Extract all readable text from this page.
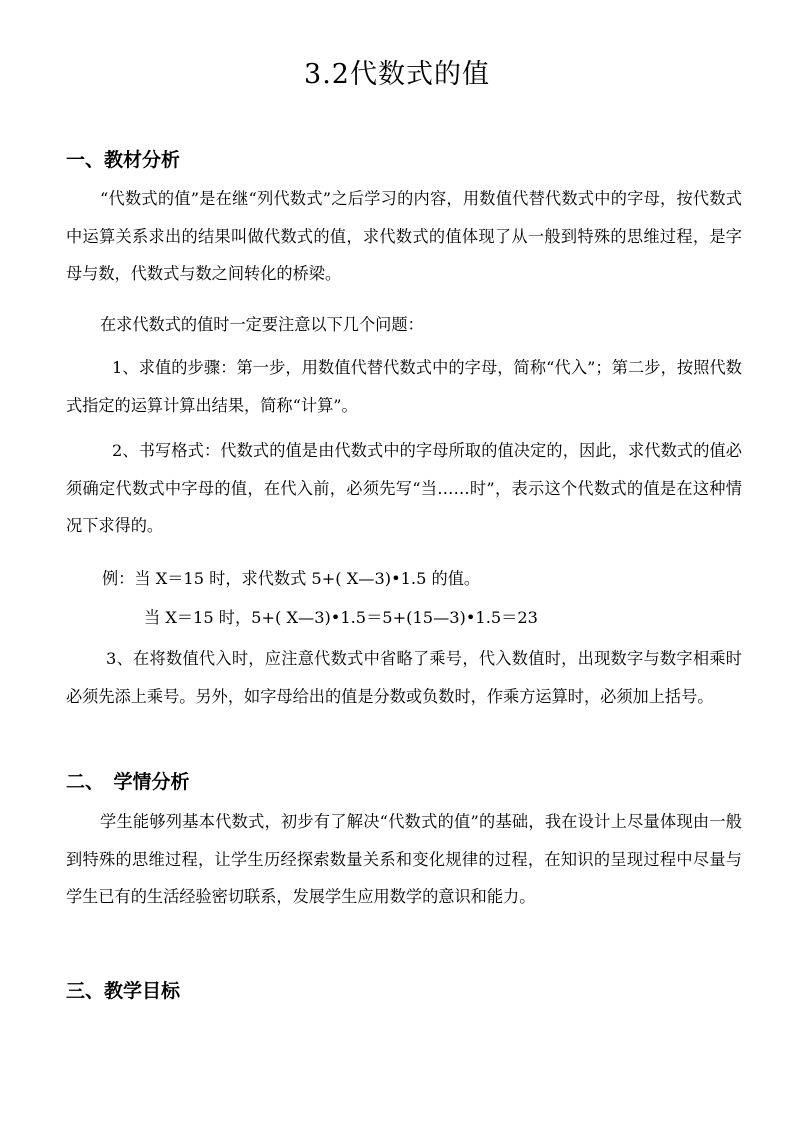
3.2代数式的值
一、教材分析
“代数式的值”是在继“列代数式”之后学习的内容，用数值代替代数式中的字母，按代数式中运算关系求出的结果叫做代数式的值，求代数式的值体现了从一般到特殊的思维过程，是字母与数，代数式与数之间转化的桥梁。
在求代数式的值时一定要注意以下几个问题：
1、求值的步骤：第一步，用数值代替代数式中的字母，简称“代入”；第二步，按照代数式指定的运算计算出结果，简称“计算”。
2、书写格式：代数式的值是由代数式中的字母所取的值决定的，因此，求代数式的值必须确定代数式中字母的值，在代入前，必须先写“当……时”，表示这个代数式的值是在这种情况下求得的。
例：当 X＝15 时，求代数式 5+( X—3)•1.5 的值。
当 X＝15 时，5+( X—3)•1.5＝5+(15—3)•1.5＝23
3、在将数值代入时，应注意代数式中省略了乘号，代入数值时，出现数字与数字相乘时必须先添上乘号。另外，如字母给出的值是分数或负数时，作乘方运算时，必须加上括号。
二、　学情分析
学生能够列基本代数式，初步有了解决“代数式的值”的基础，我在设计上尽量体现由一般到特殊的思维过程，让学生历经探索数量关系和变化规律的过程，在知识的呈现过程中尽量与学生已有的生活经验密切联系，发展学生应用数学的意识和能力。
三、教学目标
